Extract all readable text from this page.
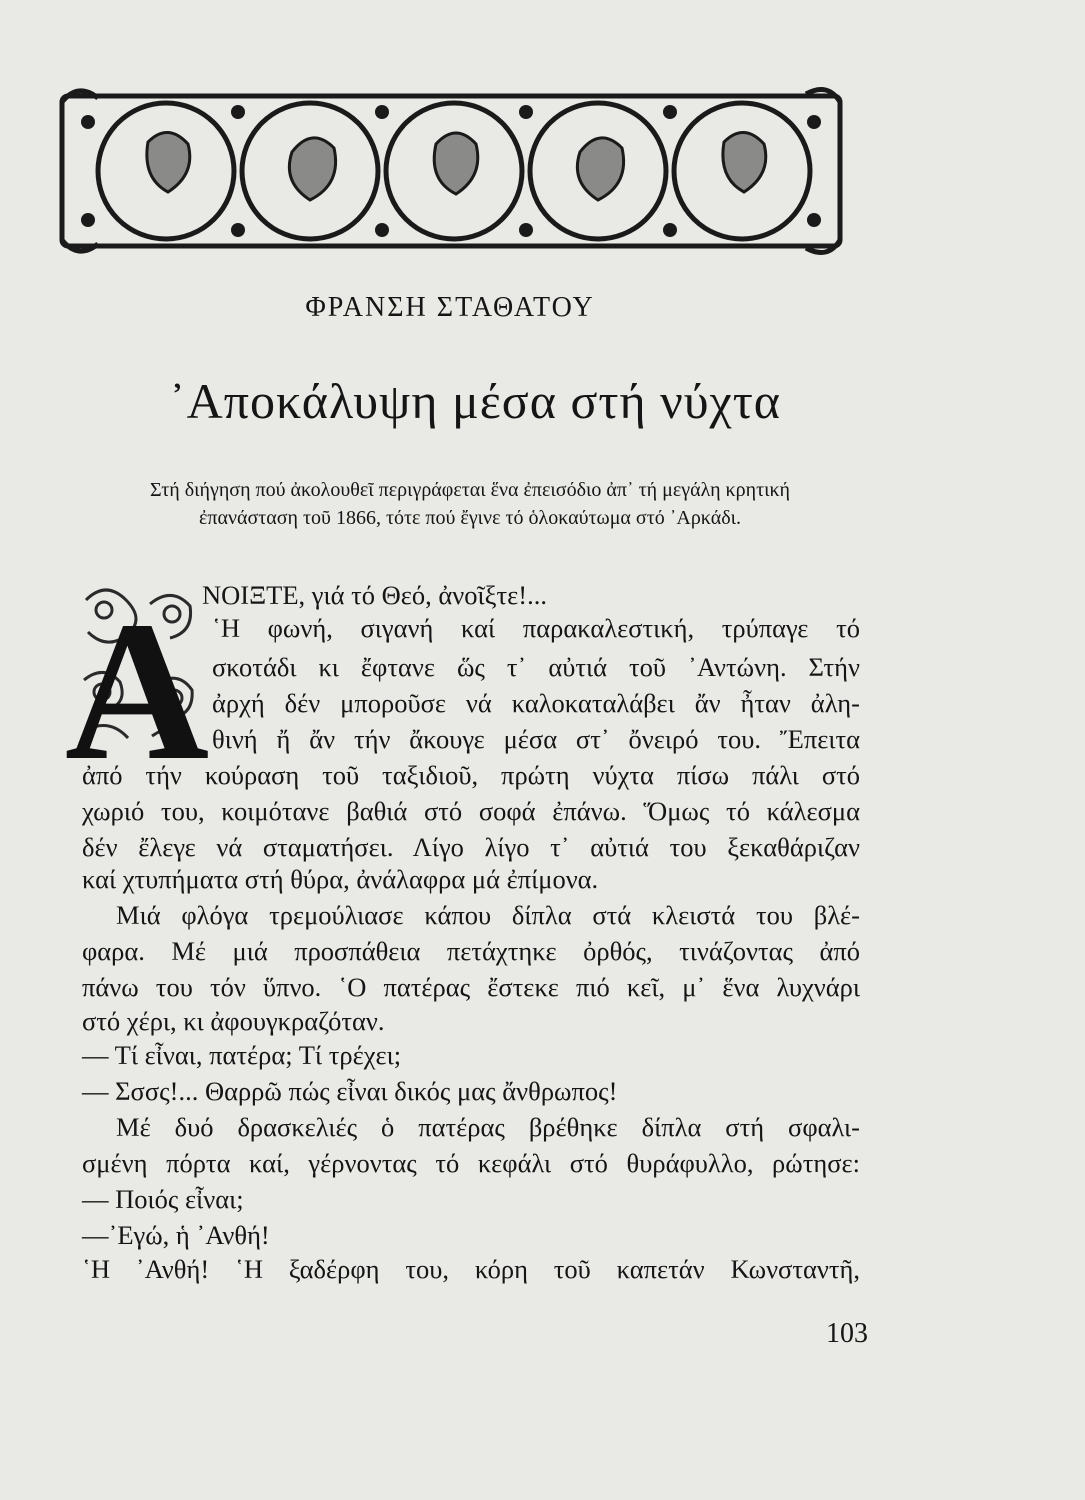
ΦΡΑΝΣΗ ΣΤΑΘΑΤΟΥ
᾿Αποκάλυψη μέσα στή νύχτα
Στή διήγηση πού ἀκολουθεῖ περιγράφεται ἕνα ἐπεισόδιο ἀπ᾿ τή μεγάλη κρητική
ἐπανάσταση τοῦ 1866, τότε πού ἔγινε τό ὁλοκαύτωμα στό ᾿Αρκάδι.
Α
ΝΟΙΞΤΕ, γιά τό Θεό, ἀνοῖξτε!...
῾Η φωνή, σιγανή καί παρακαλεστική, τρύπαγε τό
σκοτάδι κι ἔφτανε ὥς τ᾿ αὐτιά τοῦ ᾿Αντώνη. Στήν
ἀρχή δέν μποροῦσε νά καλοκαταλάβει ἄν ἦταν ἀλη-
θινή ἤ ἄν τήν ἄκουγε μέσα στ᾿ ὄνειρό του. Ἔπειτα
ἀπό τήν κούραση τοῦ ταξιδιοῦ, πρώτη νύχτα πίσω πάλι στό
χωριό του, κοιμότανε βαθιά στό σοφά ἐπάνω. Ὅμως τό κάλεσμα
δέν ἔλεγε νά σταματήσει. Λίγο λίγο τ᾿ αὐτιά του ξεκαθάριζαν
καί χτυπήματα στή θύρα, ἀνάλαφρα μά ἐπίμονα.
Μιά φλόγα τρεμούλιασε κάπου δίπλα στά κλειστά του βλέ-
φαρα. Μέ μιά προσπάθεια πετάχτηκε ὀρθός, τινάζοντας ἀπό
πάνω του τόν ὕπνο. ῾Ο πατέρας ἔστεκε πιό κεῖ, μ᾿ ἕνα λυχνάρι
στό χέρι, κι ἀφουγκραζόταν.
— Τί εἶναι, πατέρα; Τί τρέχει;
— Σσσς!... Θαρρῶ πώς εἶναι δικός μας ἄνθρωπος!
Μέ δυό δρασκελιές ὁ πατέρας βρέθηκε δίπλα στή σφαλι-
σμένη πόρτα καί, γέρνοντας τό κεφάλι στό θυράφυλλο, ρώτησε:
— Ποιός εἶναι;
—᾿Εγώ, ἡ ᾿Ανθή!
῾Η ᾿Ανθή! ῾Η ξαδέρφη του, κόρη τοῦ καπετάν Κωνσταντῆ,
103
